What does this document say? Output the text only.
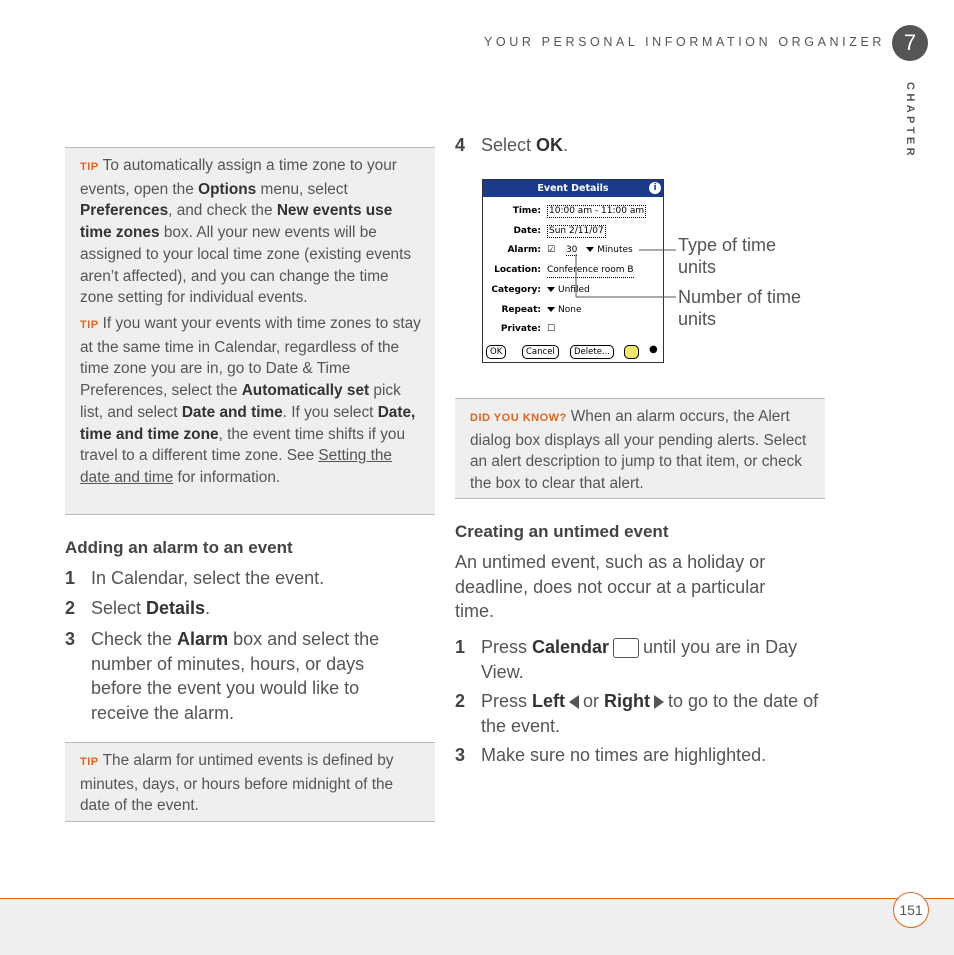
YOUR PERSONAL INFORMATION ORGANIZER 7
CHAPTER

TIP To automatically assign a time zone to your events, open the Options menu, select Preferences, and check the New events use time zones box. All your new events will be assigned to your local time zone (existing events aren’t affected), and you can change the time zone setting for individual events.

TIP If you want your events with time zones to stay at the same time in Calendar, regardless of the time zone you are in, go to Date & Time Preferences, select the Automatically set pick list, and select Date and time. If you select Date, time and time zone, the event time shifts if you travel to a different time zone. See Setting the date and time for information.

Adding an alarm to an event
1 In Calendar, select the event.
2 Select Details.
3 Check the Alarm box and select the number of minutes, hours, or days before the event you would like to receive the alarm.

TIP The alarm for untimed events is defined by minutes, days, or hours before midnight of the date of the event.

4 Select OK.
Event Details	i
Time: 10:00 am - 11:00 am
Date: Sun 2/11/07
Alarm: ☑ 30 Minutes
Location: Conference room B
Category:	Unfiled
Repeat:	None
Private: ☐
OK	Cancel	Delete...	●
Type of time units
Number of time units

DID YOU KNOW? When an alarm occurs, the Alert dialog box displays all your pending alerts. Select an alert description to jump to that item, or check the box to clear that alert.

Creating an untimed event
An untimed event, such as a holiday or deadline, does not occur at a particular time.
1 Press Calendar until you are in Day View.
2 Press Left or Right to go to the date of the event.
3 Make sure no times are highlighted.
151
